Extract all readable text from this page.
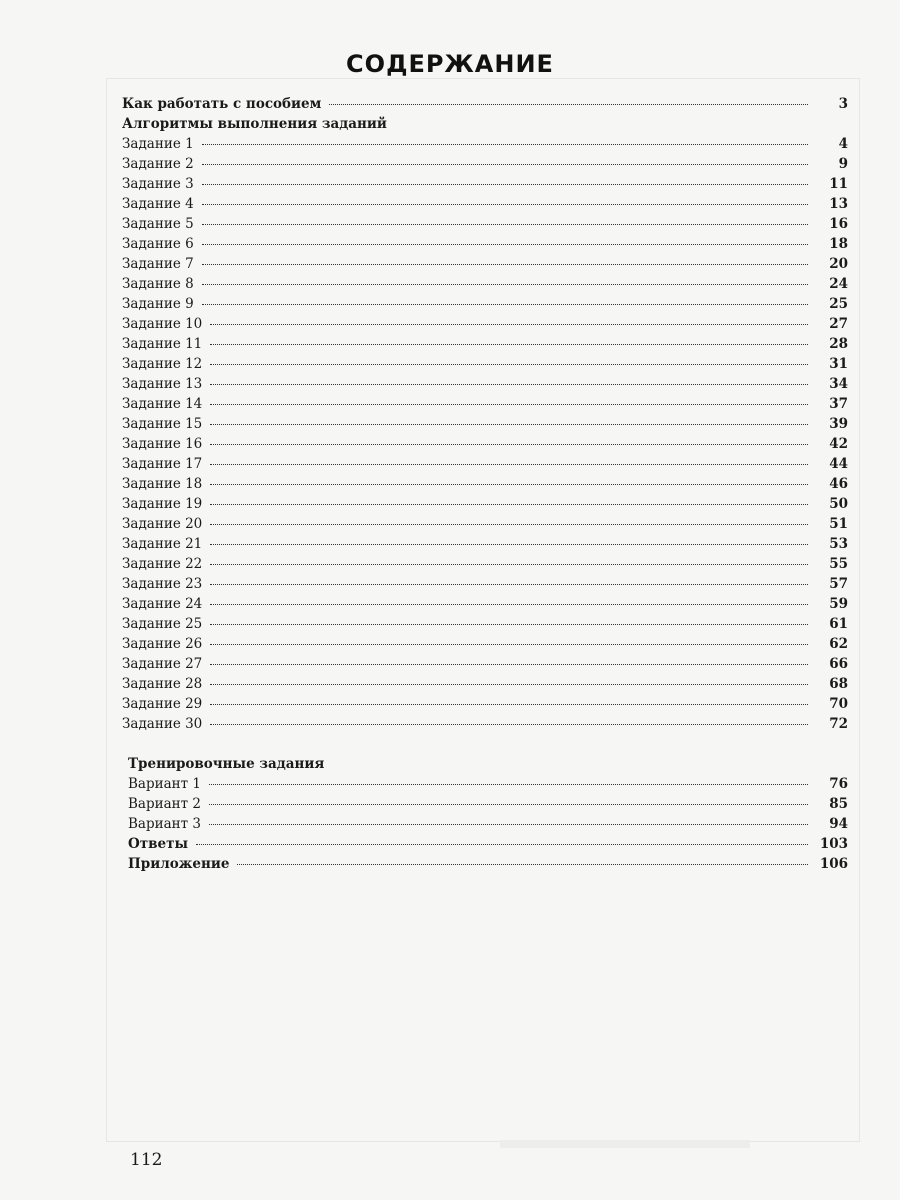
СОДЕРЖАНИЕ
Как работать с пособием	3
Алгоритмы выполнения заданий
Задание 1	4
Задание 2	9
Задание 3	11
Задание 4	13
Задание 5	16
Задание 6	18
Задание 7	20
Задание 8	24
Задание 9	25
Задание 10	27
Задание 11	28
Задание 12	31
Задание 13	34
Задание 14	37
Задание 15	39
Задание 16	42
Задание 17	44
Задание 18	46
Задание 19	50
Задание 20	51
Задание 21	53
Задание 22	55
Задание 23	57
Задание 24	59
Задание 25	61
Задание 26	62
Задание 27	66
Задание 28	68
Задание 29	70
Задание 30	72
Тренировочные задания
Вариант 1	76
Вариант 2	85
Вариант 3	94
Ответы	103
Приложение	106
112
